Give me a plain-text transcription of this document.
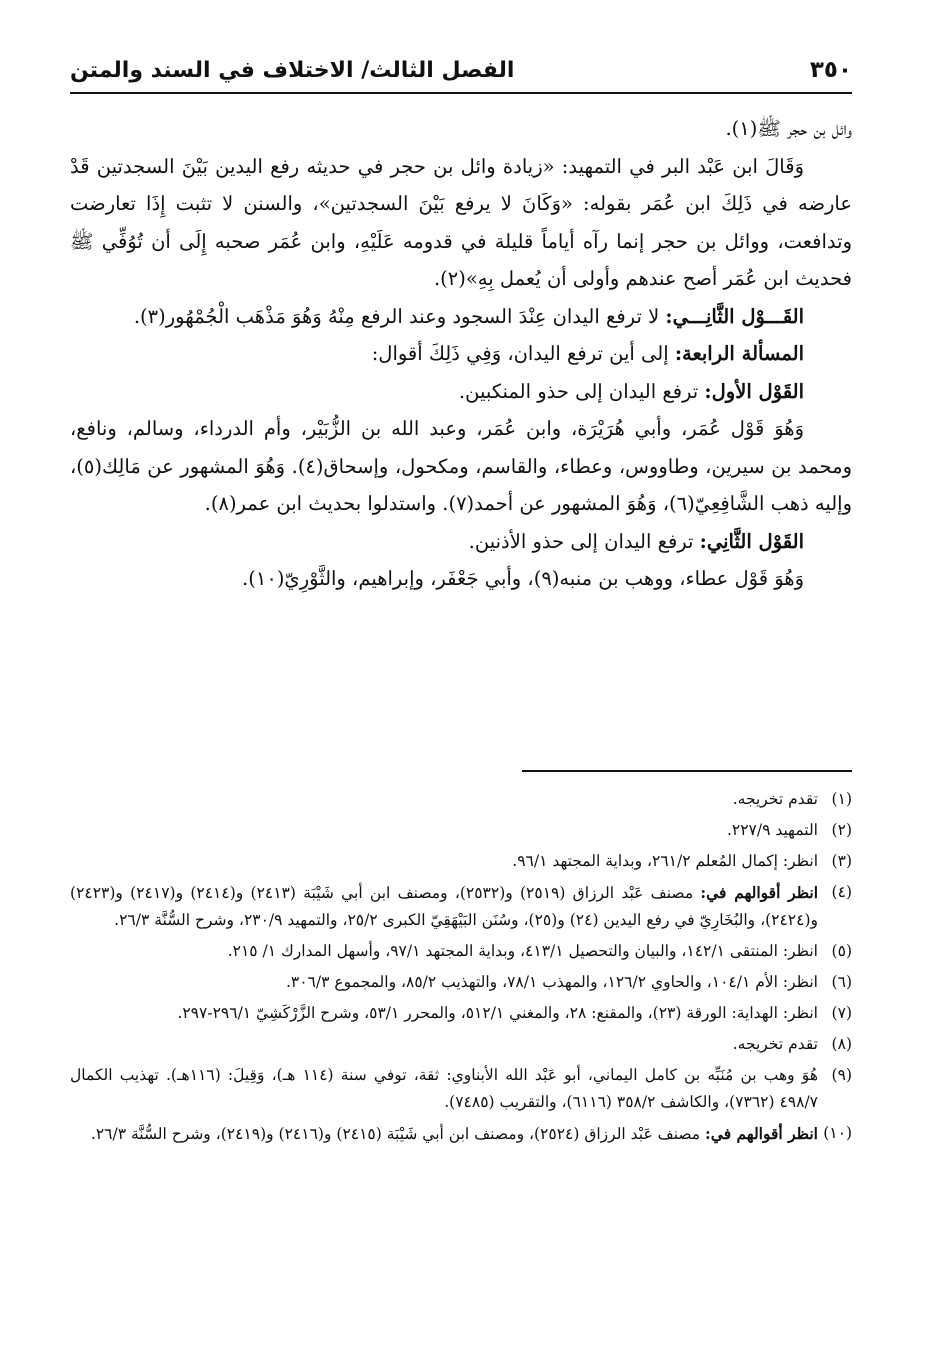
٣٥٠
الفصل الثالث/ الاختلاف في السند والمتن

وائل بن حجر ﷺ(١).

وَقَالَ ابن عَبْد البر في التمهيد: «زيادة وائل بن حجر في حديثه رفع اليدين بَيْنَ السجدتين قَدْ عارضه في ذَلِكَ ابن عُمَر بقوله: «وَكَانَ لا يرفع بَيْنَ السجدتين»، والسنن لا تثبت إِذَا تعارضت وتدافعت، ووائل بن حجر إنما رآه أياماً قليلة في قدومه عَلَيْهِ، وابن عُمَر صحبه إِلَى أن تُوُفِّي ﷺ فحديث ابن عُمَر أصح عندهم وأولى أن يُعمل بِهِ»(٢).

القَـــوْل الثَّانِـــي: لا ترفع اليدان عِنْدَ السجود وعند الرفع مِنْهُ وَهُوَ مَذْهَب الْجُمْهُور(٣).

المسألة الرابعة: إلى أين ترفع اليدان، وَفِي ذَلِكَ أقوال:

القَوْل الأول: ترفع اليدان إلى حذو المنكبين.

وَهُوَ قَوْل عُمَر، وأبي هُرَيْرَة، وابن عُمَر، وعبد الله بن الزُّبَيْر، وأم الدرداء، وسالم، ونافع، ومحمد بن سيرين، وطاووس، وعطاء، والقاسم، ومكحول، وإسحاق(٤). وَهُوَ المشهور عن مَالِك(٥)، وإليه ذهب الشَّافِعِيّ(٦)، وَهُوَ المشهور عن أحمد(٧). واستدلوا بحديث ابن عمر(٨).

القَوْل الثَّانِي: ترفع اليدان إلى حذو الأذنين.

وَهُوَ قَوْل عطاء، ووهب بن منبه(٩)، وأبي جَعْفَر، وإبراهيم، والثَّوْرِيّ(١٠).

(١)
تقدم تخريجه.
(٢)
التمهيد ٢٢٧/٩.
(٣)
انظر: إكمال المُعلم ٢٦١/٢، وبداية المجتهد ٩٦/١.
(٤)
انظر أقوالهم في: مصنف عَبْد الرزاق (٢٥١٩) و(٢٥٣٢)، ومصنف ابن أبي شَيْبَة (٢٤١٣) و(٢٤١٤) و(٢٤١٧) و(٢٤٢٣) و(٢٤٢٤)، والبُخَارِيّ في رفع اليدين (٢٤) و(٢٥)، وسُنَن البَيْهَقِيّ الكبرى ٢٥/٢، والتمهيد ٢٣٠/٩، وشرح السُّنَّة ٢٦/٣.
(٥)
انظر: المنتقى ١٤٢/١، والبيان والتحصيل ٤١٣/١، وبداية المجتهد ٩٧/١، وأسهل المدارك ١/ ٢١٥.
(٦)
انظر: الأم ١٠٤/١، والحاوي ١٢٦/٢، والمهذب ٧٨/١، والتهذيب ٨٥/٢، والمجموع ٣٠٦/٣.
(٧)
انظر: الهداية: الورقة (٢٣)، والمقنع: ٢٨، والمغني ٥١٢/١، والمحرر ٥٣/١، وشرح الزَّرْكَشِيّ ٢٩٦/١-٢٩٧.
(٨)
تقدم تخريجه.
(٩)
هُوَ وهب بن مُنَبِّه بن كامل اليماني، أبو عَبْد الله الأبناوي: ثقة، توفي سنة (١١٤ هـ)، وَقِيلَ: (١١٦هـ). تهذيب الكمال ٤٩٨/٧ (٧٣٦٢)، والكاشف ٣٥٨/٢ (٦١١٦)، والتقريب (٧٤٨٥).
(١٠)
انظر أقوالهم في: مصنف عَبْد الرزاق (٢٥٢٤)، ومصنف ابن أبي شَيْبَة (٢٤١٥) و(٢٤١٦) و(٢٤١٩)، وشرح السُّنَّة ٢٦/٣.
